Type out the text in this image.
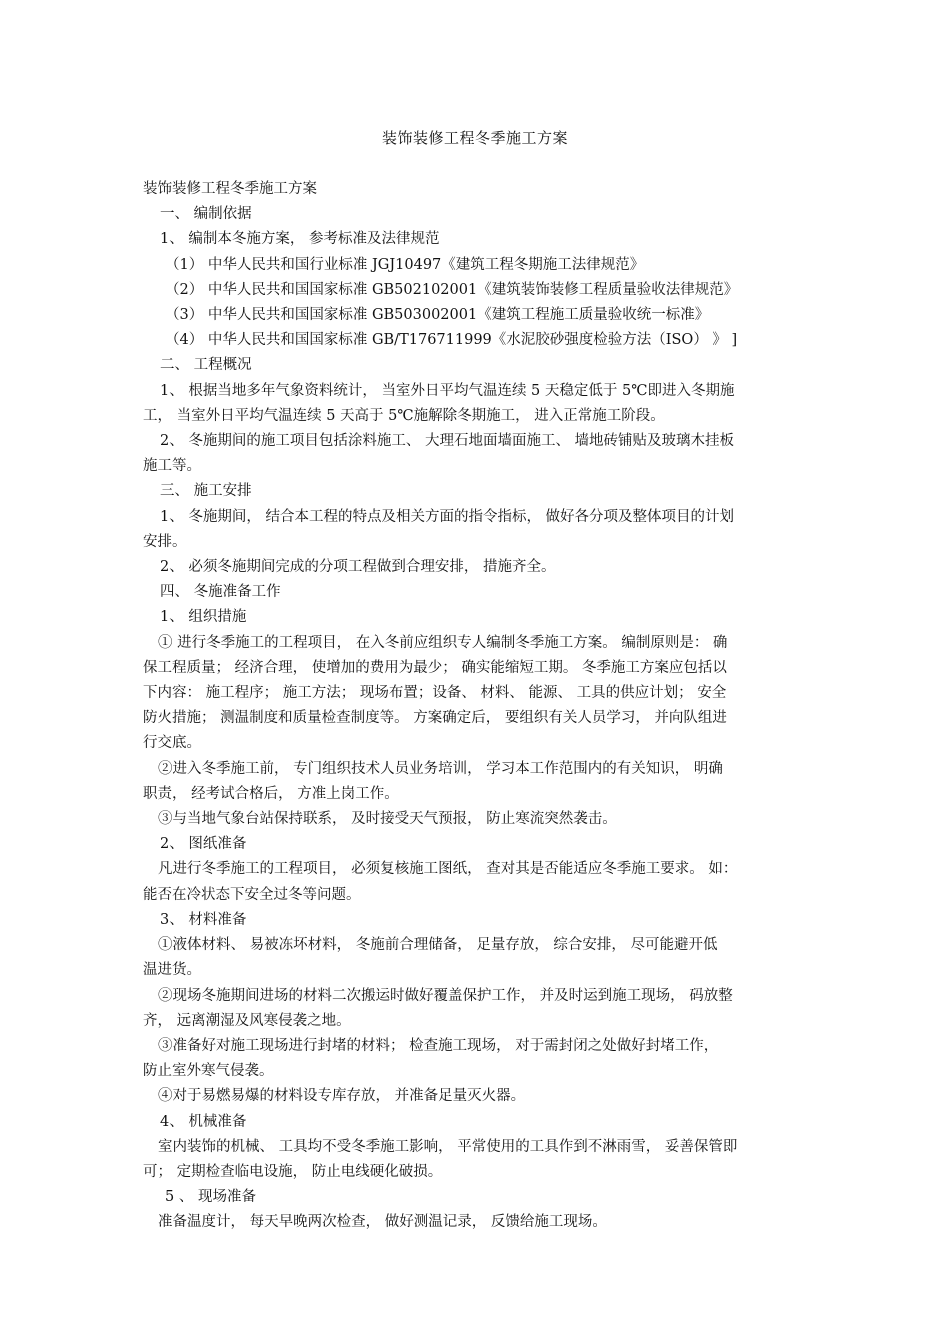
装饰装修工程冬季施工方案
装饰装修工程冬季施工方案
一、 编制依据
1、 编制本冬施方案， 参考标准及法律规范
（1） 中华人民共和国行业标准 JGJ10497《建筑工程冬期施工法律规范》
（2） 中华人民共和国国家标准 GB502102001《建筑装饰装修工程质量验收法律规范》
（3） 中华人民共和国国家标准 GB503002001《建筑工程施工质量验收统一标准》
（4） 中华人民共和国国家标准 GB/T176711999《水泥胶砂强度检验方法（ISO） 》 ]
二、 工程概况
1、 根据当地多年气象资料统计， 当室外日平均气温连续 5 天稳定低于 5℃即进入冬期施
工， 当室外日平均气温连续 5 天高于 5℃施解除冬期施工， 进入正常施工阶段。
2、 冬施期间的施工项目包括涂料施工、 大理石地面墙面施工、 墙地砖铺贴及玻璃木挂板
施工等。
三、 施工安排
1、 冬施期间， 结合本工程的特点及相关方面的指令指标， 做好各分项及整体项目的计划
安排。
2、 必须冬施期间完成的分项工程做到合理安排， 措施齐全。
四、 冬施准备工作
1、 组织措施
① 进行冬季施工的工程项目， 在入冬前应组织专人编制冬季施工方案。 编制原则是： 确
保工程质量； 经济合理， 使增加的费用为最少； 确实能缩短工期。 冬季施工方案应包括以
下内容： 施工程序； 施工方法； 现场布置；设备、 材料、 能源、 工具的供应计划； 安全
防火措施； 测温制度和质量检查制度等。 方案确定后， 要组织有关人员学习， 并向队组进
行交底。
②进入冬季施工前， 专门组织技术人员业务培训， 学习本工作范围内的有关知识， 明确
职责， 经考试合格后， 方准上岗工作。
③与当地气象台站保持联系， 及时接受天气预报， 防止寒流突然袭击。
2、 图纸准备
凡进行冬季施工的工程项目， 必须复核施工图纸， 查对其是否能适应冬季施工要求。 如：
能否在冷状态下安全过冬等问题。
3、 材料准备
①液体材料、 易被冻坏材料， 冬施前合理储备， 足量存放， 综合安排， 尽可能避开低
温进货。
②现场冬施期间进场的材料二次搬运时做好覆盖保护工作， 并及时运到施工现场， 码放整
齐， 远离潮湿及风寒侵袭之地。
③准备好对施工现场进行封堵的材料； 检查施工现场， 对于需封闭之处做好封堵工作，
防止室外寒气侵袭。
④对于易燃易爆的材料设专库存放， 并准备足量灭火器。
4、 机械准备
室内装饰的机械、 工具均不受冬季施工影响， 平常使用的工具作到不淋雨雪， 妥善保管即
可； 定期检查临电设施， 防止电线硬化破损。
5 、 现场准备
准备温度计， 每天早晚两次检查， 做好测温记录， 反馈给施工现场。
